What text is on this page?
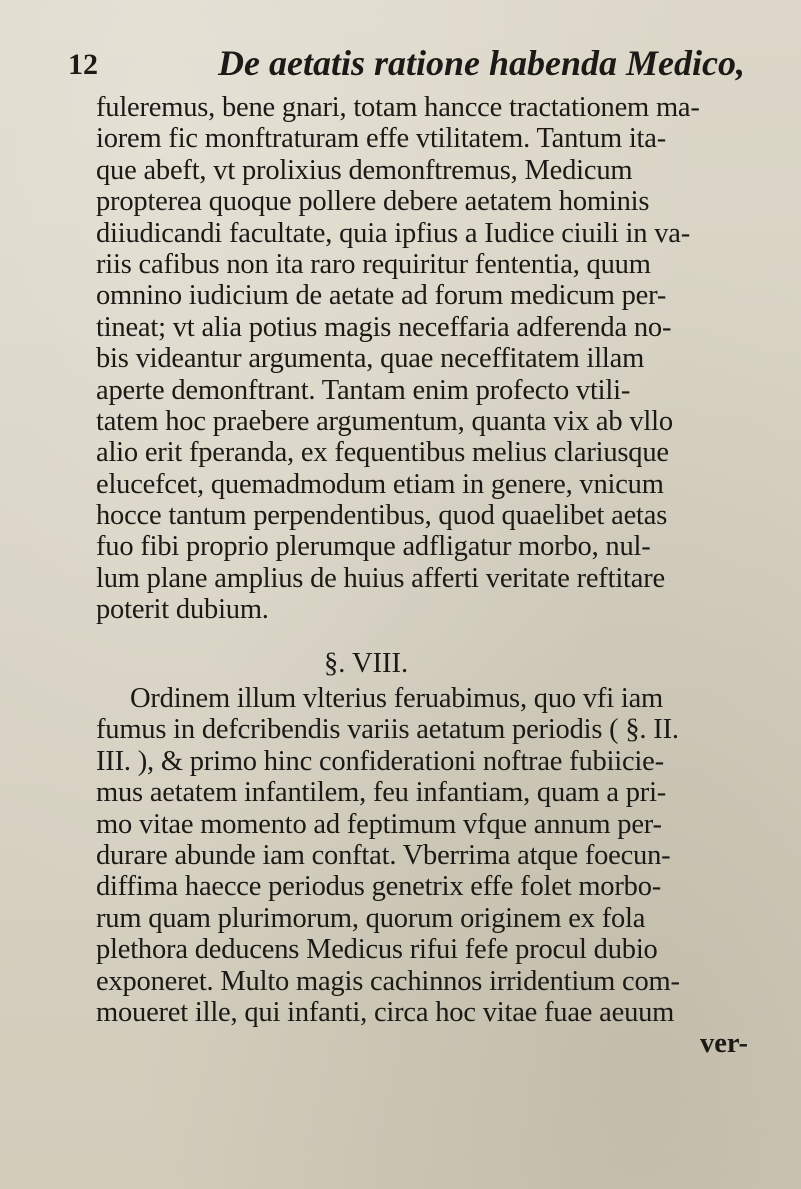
12	De aetatis ratione habenda Medico,
fuleremus, bene gnari, totam hancce tractationem ma-
iorem fic monftraturam effe vtilitatem. Tantum ita-
que abeft, vt prolixius demonftremus, Medicum
propterea quoque pollere debere aetatem hominis
diiudicandi facultate, quia ipfius a Iudice ciuili in va-
riis cafibus non ita raro requiritur fententia, quum
omnino iudicium de aetate ad forum medicum per-
tineat; vt alia potius magis neceffaria adferenda no-
bis videantur argumenta, quae neceffitatem illam
aperte demonftrant. Tantam enim profecto vtili-
tatem hoc praebere argumentum, quanta vix ab vllo
alio erit fperanda, ex fequentibus melius clariusque
elucefcet, quemadmodum etiam in genere, vnicum
hocce tantum perpendentibus, quod quaelibet aetas
fuo fibi proprio plerumque adfligatur morbo, nul-
lum plane amplius de huius afferti veritate reftitare
poterit dubium.
§. VIII.
Ordinem illum vlterius feruabimus, quo vfi iam
fumus in defcribendis variis aetatum periodis ( §. II.
III. ), & primo hinc confiderationi noftrae fubiicie-
mus aetatem infantilem, feu infantiam, quam a pri-
mo vitae momento ad feptimum vfque annum per-
durare abunde iam conftat. Vberrima atque foecun-
diffima haecce periodus genetrix effe folet morbo-
rum quam plurimorum, quorum originem ex fola
plethora deducens Medicus rifui fefe procul dubio
exponeret. Multo magis cachinnos irridentium com-
moueret ille, qui infanti, circa hoc vitae fuae aeuum
ver-
